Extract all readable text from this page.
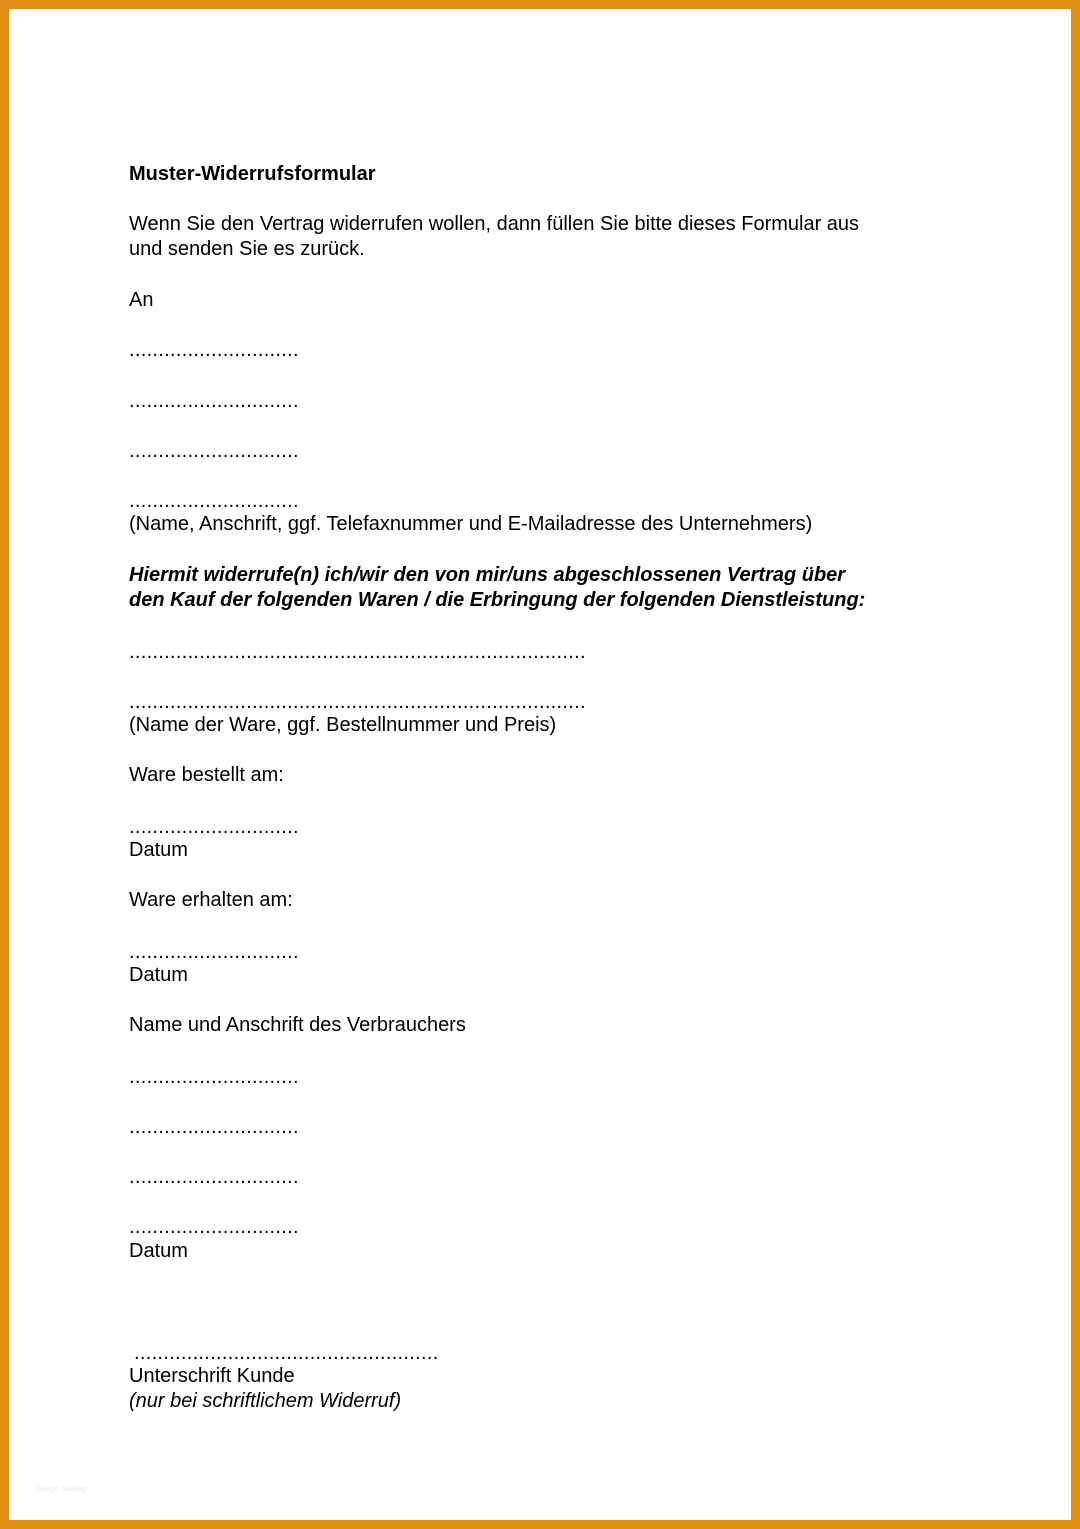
Muster-Widerrufsformular
Wenn Sie den Vertrag widerrufen wollen, dann füllen Sie bitte dieses Formular aus
und senden Sie es zurück.
An
.............................
.............................
.............................
.............................
(Name, Anschrift, ggf. Telefaxnummer und E-Mailadresse des Unternehmers)
Hiermit widerrufe(n) ich/wir den von mir/uns abgeschlossenen Vertrag über
den Kauf der folgenden Waren / die Erbringung der folgenden Dienstleistung:
..............................................................................
..............................................................................
(Name der Ware, ggf. Bestellnummer und Preis)
Ware bestellt am:
.............................
Datum
Ware erhalten am:
.............................
Datum
Name und Anschrift des Verbrauchers
.............................
.............................
.............................
.............................
Datum
....................................................
Unterschrift Kunde
(nur bei schriftlichem Widerruf)
Image catalog
